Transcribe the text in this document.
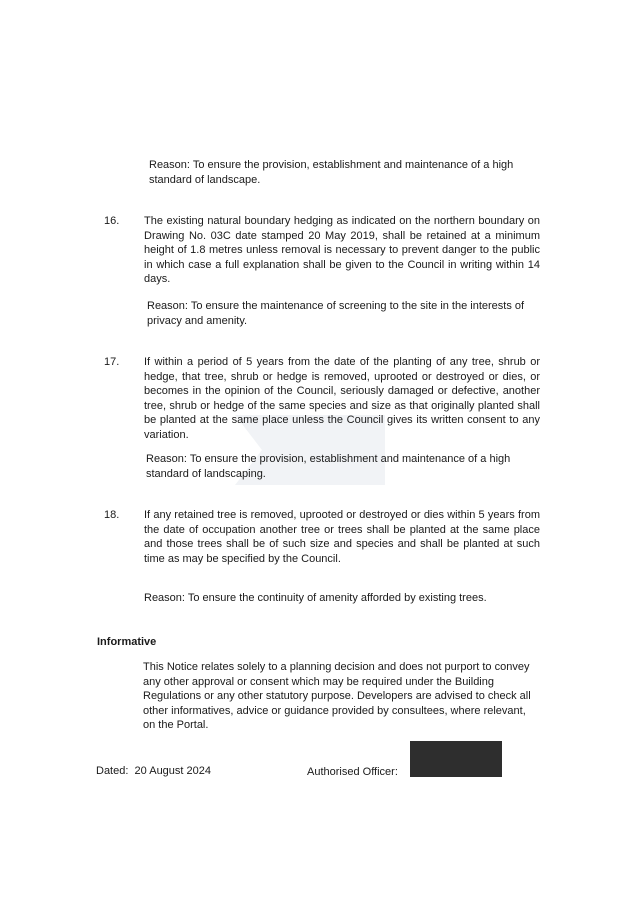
Reason: To ensure the provision, establishment and maintenance of a high standard of landscape.
16. The existing natural boundary hedging as indicated on the northern boundary on Drawing No. 03C date stamped 20 May 2019, shall be retained at a minimum height of 1.8 metres unless removal is necessary to prevent danger to the public in which case a full explanation shall be given to the Council in writing within 14 days.
Reason: To ensure the maintenance of screening to the site in the interests of privacy and amenity.
17. If within a period of 5 years from the date of the planting of any tree, shrub or hedge, that tree, shrub or hedge is removed, uprooted or destroyed or dies, or becomes in the opinion of the Council, seriously damaged or defective, another tree, shrub or hedge of the same species and size as that originally planted shall be planted at the same place unless the Council gives its written consent to any variation.
Reason: To ensure the provision, establishment and maintenance of a high standard of landscaping.
18. If any retained tree is removed, uprooted or destroyed or dies within 5 years from the date of occupation another tree or trees shall be planted at the same place and those trees shall be of such size and species and shall be planted at such time as may be specified by the Council.
Reason: To ensure the continuity of amenity afforded by existing trees.
Informative
This Notice relates solely to a planning decision and does not purport to convey any other approval or consent which may be required under the Building Regulations or any other statutory purpose. Developers are advised to check all other informatives, advice or guidance provided by consultees, where relevant, on the Portal.
Dated: 20 August 2024	Authorised Officer:
